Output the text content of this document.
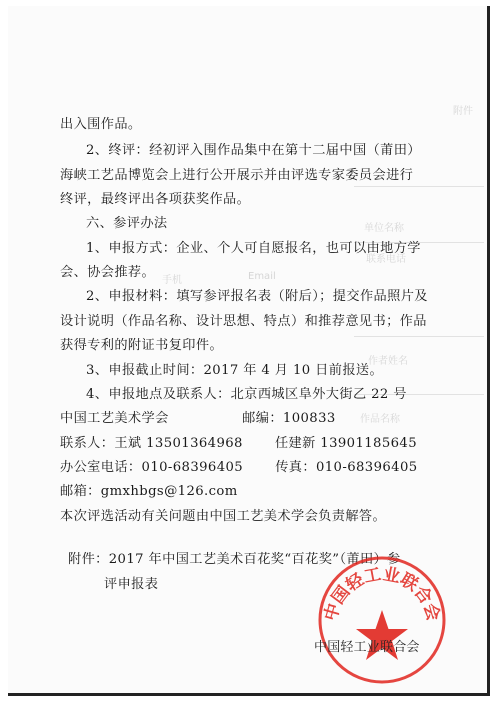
附件
单位名称
联系电话
手机	Email
作者姓名
作品名称
出入围作品。
2、终评：经初评入围作品集中在第十二届中国（莆田）
海峡工艺品博览会上进行公开展示并由评选专家委员会进行
终评，最终评出各项获奖作品。
六、参评办法
1、申报方式：企业、个人可自愿报名，也可以由地方学
会、协会推荐。
2、申报材料：填写参评报名表（附后）；提交作品照片及
设计说明（作品名称、设计思想、特点）和推荐意见书；作品
获得专利的附证书复印件。
3、申报截止时间：2017 年 4 月 10 日前报送。
4、申报地点及联系人：北京西城区阜外大街乙 22 号
中国工艺美术学会                邮编：100833
联系人：王斌 13501364968       任建新 13901185645
办公室电话：010-68396405       传真：010-68396405
邮箱：gmxhbgs@126.com
本次评选活动有关问题由中国工艺美术学会负责解答。
附件：2017 年中国工艺美术百花奖“百花奖”（莆田）参
评申报表
中国轻工业联合会
中国轻工业联合会
